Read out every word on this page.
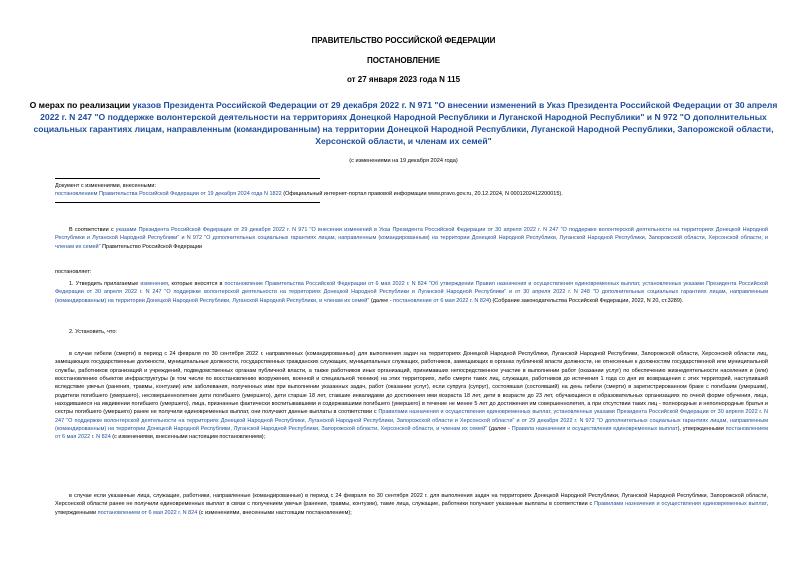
ПРАВИТЕЛЬСТВО РОССИЙСКОЙ ФЕДЕРАЦИИ
ПОСТАНОВЛЕНИЕ
от 27 января 2023 года N 115
О мерах по реализации указов Президента Российской Федерации от 29 декабря 2022 г. N 971 "О внесении изменений в Указ Президента Российской Федерации от 30 апреля 2022 г. N 247 "О поддержке волонтерской деятельности на территориях Донецкой Народной Республики и Луганской Народной Республики" и N 972 "О дополнительных социальных гарантиях лицам, направленным (командированным) на территории Донецкой Народной Республики, Луганской Народной Республики, Запорожской области, Херсонской области, и членам их семей"
(с изменениями на 19 декабря 2024 года)
Документ с изменениями, внесенными:
постановлением Правительства Российской Федерации от 19 декабря 2024 года N 1822 (Официальный интернет-портал правовой информации www.pravo.gov.ru, 20.12.2024, N 0001202412200015).
В соответствии с указами Президента Российской Федерации от 29 декабря 2022 г. N 971 "О внесении изменений в Указ Президента Российской Федерации от 30 апреля 2022 г. N 247 "О поддержке волонтерской деятельности на территориях Донецкой Народной Республики и Луганской Народной Республики" и N 972 "О дополнительных социальных гарантиях лицам, направленным (командированным) на территории Донецкой Народной Республики, Луганской Народной Республики, Запорожской области, Херсонской области, и членам их семей" Правительство Российской Федерации
постановляет:
1. Утвердить прилагаемые изменения, которые вносятся в постановление Правительства Российской Федерации от 6 мая 2022 г. N 824 "Об утверждении Правил назначения и осуществления единовременных выплат, установленных указами Президента Российской Федерации от 30 апреля 2022 г. N 247 "О поддержке волонтерской деятельности на территориях Донецкой Народной Республики и Луганской Народной Республики" и от 30 апреля 2022 г. N 248 "О дополнительных социальных гарантиях лицам, направленным (командированным) на территории Донецкой Народной Республики, Луганской Народной Республики, и членам их семей" (далее - постановление от 6 мая 2022 г. N 824) (Собрание законодательства Российской Федерации, 2022, N 20, ст.3289).
2. Установить, что:
в случае гибели (смерти) в период с 24 февраля по 30 сентября 2022 г. направленных (командированных) для выполнения задач на территориях Донецкой Народной Республики, Луганской Народной Республики, Запорожской области, Херсонской области лиц, замещающих государственные должности, муниципальные должности, государственных гражданских служащих, муниципальных служащих, работников, замещающих в органах публичной власти должности, не отнесенные к должностям государственной или муниципальной службы, работников организаций и учреждений, подведомственных органам публичной власти, а также работников иных организаций, принимавших непосредственное участие в выполнении работ (оказании услуг) по обеспечению жизнедеятельности населения и (или) восстановлению объектов инфраструктуры (в том числе по восстановлению вооружения, военной и специальной техники) на этих территориях, либо смерти таких лиц, служащих, работников до истечения 1 года со дня их возвращения с этих территорий, наступившей вследствие увечья (ранения, травмы, контузии) или заболевания, полученных ими при выполнении указанных задач, работ (оказании услуг), если супруга (супруг), состоявшая (состоявший) на день гибели (смерти) в зарегистрированном браке с погибшим (умершим), родители погибшего (умершего), несовершеннолетние дети погибшего (умершего), дети старше 18 лет, ставшие инвалидами до достижения ими возраста 18 лет, дети в возрасте до 23 лет, обучающиеся в образовательных организациях по очной форме обучения, лица, находившиеся на иждивении погибшего (умершего), лица, признанные фактически воспитывавшими и содержавшими погибшего (умершего) в течение не менее 5 лет до достижения им совершеннолетия, а при отсутствии таких лиц - полнородные и неполнородные братья и сестры погибшего (умершего) ранее не получили единовременных выплат, они получают данные выплаты в соответствии с Правилами назначения и осуществления единовременных выплат, установленных указами Президента Российской Федерации от 30 апреля 2022 г. N 247 "О поддержке волонтерской деятельности на территориях Донецкой Народной Республики, Луганской Народной Республики, Запорожской области и Херсонской области" и от 29 декабря 2022 г. N 972 "О дополнительных социальных гарантиях лицам, направленным (командированным) на территории Донецкой Народной Республики, Луганской Народной Республики, Запорожской области, Херсонской области, и членам их семей" (далее - Правила назначения и осуществления единовременных выплат), утвержденными постановлением от 6 мая 2022 г. N 824 (с изменениями, внесенными настоящим постановлением);
в случае если указанные лица, служащие, работники, направленные (командированные) в период с 24 февраля по 30 сентября 2022 г. для выполнения задач на территориях Донецкой Народной Республики, Луганской Народной Республики, Запорожской области, Херсонской области ранее не получили единовременных выплат в связи с получением увечья (ранения, травмы, контузии), такие лица, служащие, работники получают указанные выплаты в соответствии с Правилами назначения и осуществления единовременных выплат, утвержденными постановлением от 6 мая 2022 г. N 824 (с изменениями, внесенными настоящим постановлением);
